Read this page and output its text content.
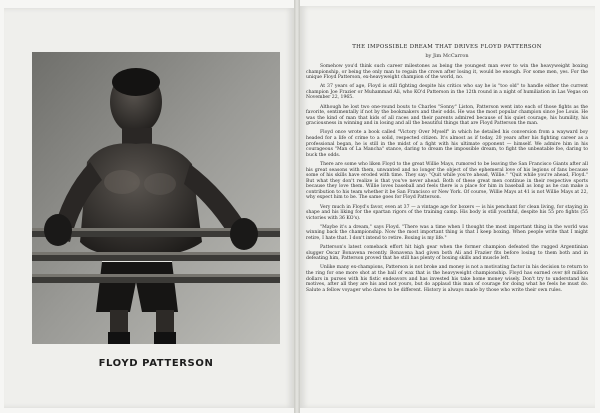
FLOYD PATTERSON
THE IMPOSSIBLE DREAM THAT DRIVES FLOYD PATTERSON
by Jim McCarron

Somehow you'd think such career milestones as being the youngest man ever to win the heavyweight boxing championship, or being the only man to regain the crown after losing it, would be enough. For some men, yes. For the unique Floyd Patterson, ex-heavyweight champion of the world, no.

At 37 years of age, Floyd is still fighting despite his critics who say he is "too old" to handle either the current champion Joe Frazier or Muhammad Ali, who KO'd Patterson in the 12th round in a night of humiliation in Las Vegas on November 22, 1965.

Although he lost two one-round bouts to Charles "Sonny" Liston, Patterson went into each of those fights as the favorite, sentimentally if not by the bookmakers and their odds. He was the most popular champion since Joe Louis. He was the kind of man that kids of all races and their parents admired because of his quiet courage, his humility, his graciousness in winning and in losing and all the beautiful things that are Floyd Patterson the man.

Floyd once wrote a book called "Victory Over Myself" in which he detailed his conversion from a wayward boy headed for a life of crime to a solid, respected citizen. It's almost as if today, 20 years after his fighting career as a professional began, he is still in the midst of a fight with his ultimate opponent — himself. We admire him in his courageous "Man of La Mancha" stance, daring to dream the impossible dream, to fight the unbeatable foe, daring to buck the odds.

There are some who liken Floyd to the great Willie Mays, rumored to be leaving the San Francisco Giants after all his great seasons with them, unwanted and no longer the object of the ephemeral love of his legions of fans because some of his skills have eroded with time. They say: "Quit while you're ahead, Willie." "Quit while you're ahead, Floyd." But what they don't realize is that you've never ahead. Both of these great men continue in their respective sports because they love them. Willie loves baseball and feels there is a place for him in baseball as long as he can make a contribution to his team whether it be San Francisco or New York. Of course, Willie Mays at 41 is not Willie Mays at 22, why expect him to be. The same goes for Floyd Patterson.

Very much in Floyd's favor, even at 37 — a vintage age for boxers — is his penchant for clean living, for staying in shape and his liking for the spartan rigors of the training camp. His body is still youthful, despite his 55 pro fights (55 victories with 36 KO's).

"Maybe it's a dream," says Floyd. "There was a time when I thought the most important thing in the world was winning back the championship. Now the most important thing is that I keep boxing. When people write that I might retire, I hate that. I don't intend to retire. Boxing is my life."

Patterson's latest comeback effort hit high gear when the former champion defeated the rugged Argentinian slugger Oscar Bonavena recently. Bonavena had given both Ali and Frazier fits before losing to them both and in defeating him, Patterson proved that he still has plenty of boxing skills and muscle left.

Unlike many ex-champions, Patterson is not broke and money is not a motivating factor in his decision to return to the ring for one more shot at the ball of wax that is the heavyweight championship. Floyd has earned over $8 million dollars in purses with his fistic endeavors and has invested his take home money wisely. Don't try to understand his motives, after all they are his and not yours, but do applaud this man of courage for doing what he feels he must do. Salute a fellow voyager who dares to be different. History is always made by those who write their own rules.
